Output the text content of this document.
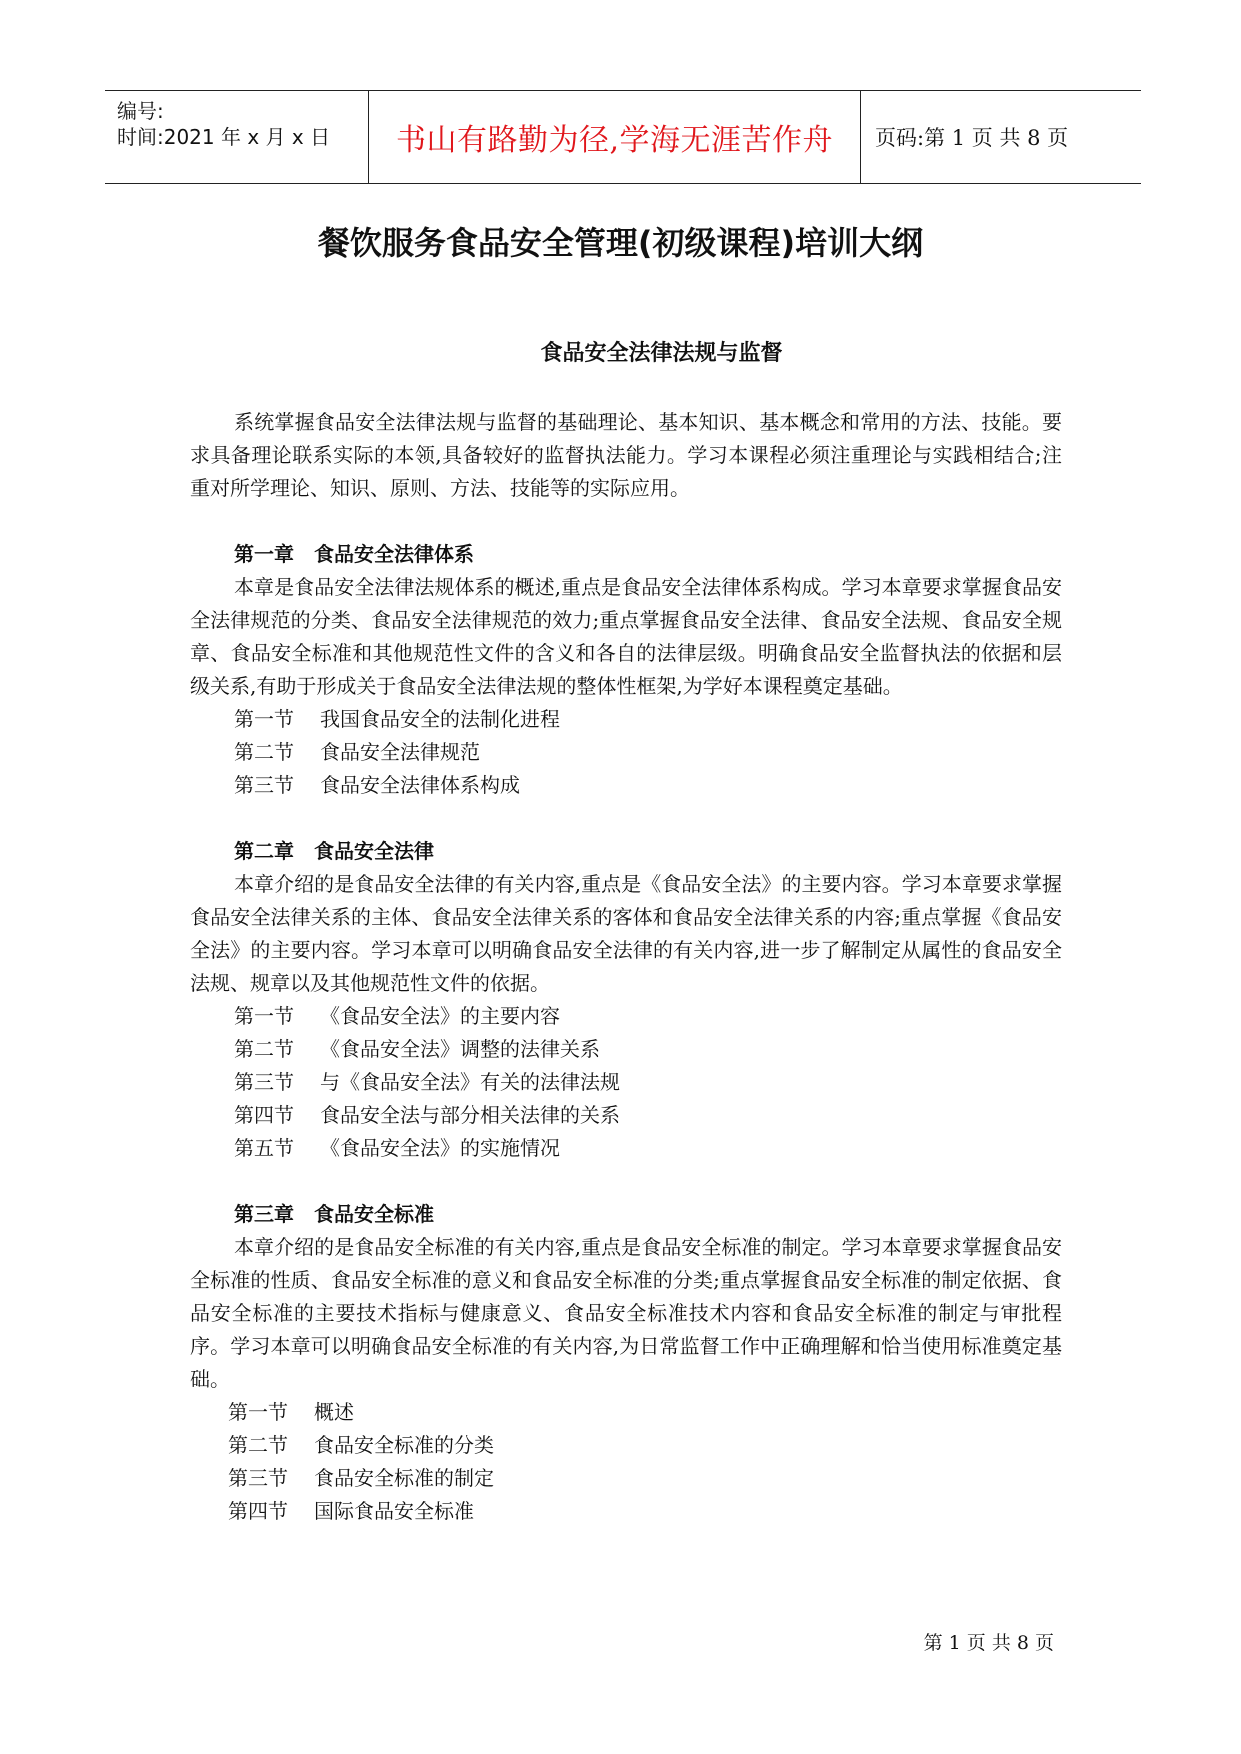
编号:
时间:2021 年 x 月 x 日 书山有路勤为径,学海无涯苦作舟 页码:第 1 页 共 8 页
餐饮服务食品安全管理(初级课程)培训大纲
食品安全法律法规与监督

系统掌握食品安全法律法规与监督的基础理论、基本知识、基本概念和常用的方法、技能。要求具备理论联系实际的本领,具备较好的监督执法能力。学习本课程必须注重理论与实践相结合;注重对所学理论、知识、原则、方法、技能等的实际应用。

第一章　食品安全法律体系

本章是食品安全法律法规体系的概述,重点是食品安全法律体系构成。学习本章要求掌握食品安全法律规范的分类、食品安全法律规范的效力;重点掌握食品安全法律、食品安全法规、食品安全规章、食品安全标准和其他规范性文件的含义和各自的法律层级。明确食品安全监督执法的依据和层级关系,有助于形成关于食品安全法律法规的整体性框架,为学好本课程奠定基础。

第一节 我国食品安全的法制化进程
第二节 食品安全法律规范
第三节 食品安全法律体系构成
第二章　食品安全法律

本章介绍的是食品安全法律的有关内容,重点是《食品安全法》的主要内容。学习本章要求掌握食品安全法律关系的主体、食品安全法律关系的客体和食品安全法律关系的内容;重点掌握《食品安全法》的主要内容。学习本章可以明确食品安全法律的有关内容,进一步了解制定从属性的食品安全法规、规章以及其他规范性文件的依据。

第一节 《食品安全法》的主要内容
第二节 《食品安全法》调整的法律关系
第三节 与《食品安全法》有关的法律法规
第四节 食品安全法与部分相关法律的关系
第五节 《食品安全法》的实施情况
第三章　食品安全标准

本章介绍的是食品安全标准的有关内容,重点是食品安全标准的制定。学习本章要求掌握食品安全标准的性质、食品安全标准的意义和食品安全标准的分类;重点掌握食品安全标准的制定依据、食品安全标准的主要技术指标与健康意义、食品安全标准技术内容和食品安全标准的制定与审批程序。学习本章可以明确食品安全标准的有关内容,为日常监督工作中正确理解和恰当使用标准奠定基础。

第一节 概述
第二节 食品安全标准的分类
第三节 食品安全标准的制定
第四节 国际食品安全标准
第 1 页 共 8 页
